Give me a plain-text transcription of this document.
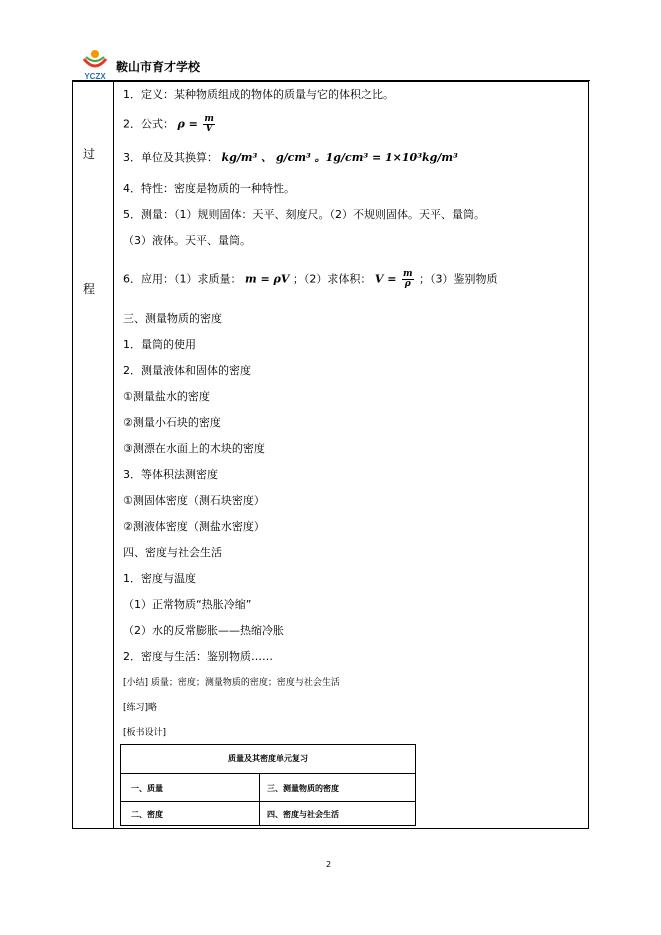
YCZX
鞍山市育才学校
过
程
1．定义：某种物质组成的物体的质量与它的体积之比。
2．公式： $\rho = \frac{m}{V}$
3．单位及其换算： kg/m³ 、 g/cm³ 。1g/cm³ = 1×10³kg/m³
4．特性：密度是物质的一种特性。
5．测量：（1）规则固体：天平、刻度尺。（2）不规则固体。天平、量筒。
（3）液体。天平、量筒。
6．应用：（1）求质量： m = ρV ；（2）求体积： $V = \frac{m}{\rho}$ ；（3）鉴别物质
三、测量物质的密度
1．量筒的使用
2．测量液体和固体的密度
①测量盐水的密度
②测量小石块的密度
③测漂在水面上的木块的密度
3．等体积法测密度
①测固体密度（测石块密度）
②测液体密度（测盐水密度）
四、密度与社会生活
1．密度与温度
（1）正常物质“热胀冷缩”
（2）水的反常膨胀——热缩冷胀
2．密度与生活：鉴别物质……
[小结] 质量；密度；测量物质的密度；密度与社会生活
[练习]略
[板书设计]
质量及其密度单元复习
一、质量	三、测量物质的密度
二、密度	四、密度与社会生活
2
